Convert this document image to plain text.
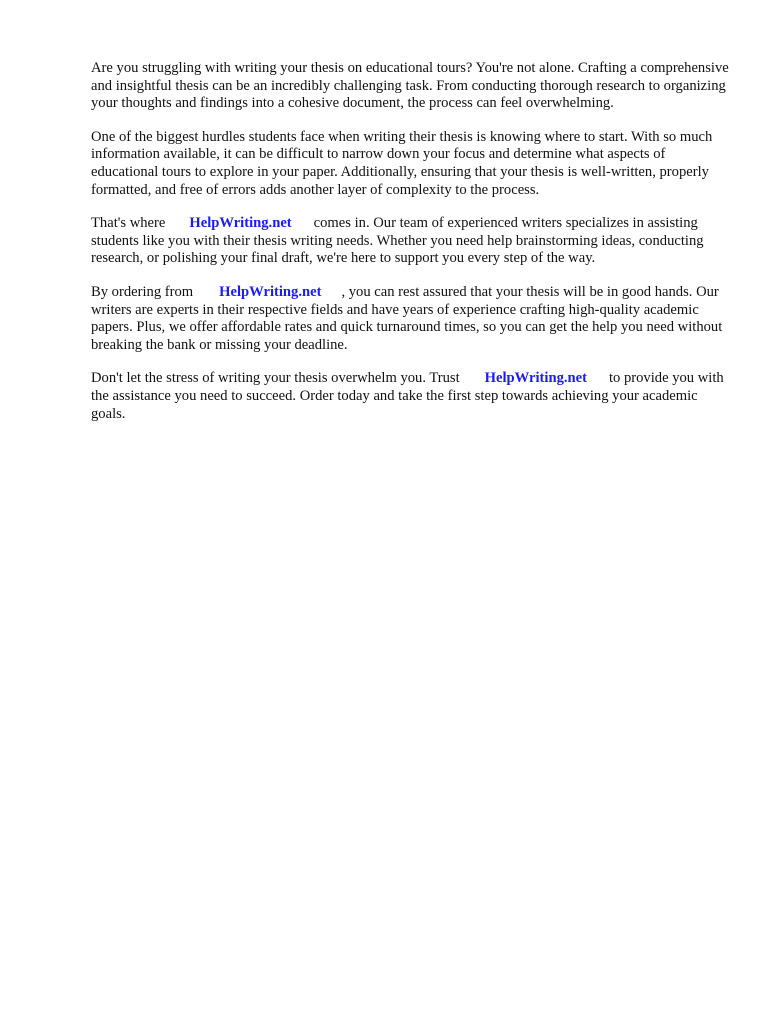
Are you struggling with writing your thesis on educational tours? You're not alone. Crafting a comprehensive and insightful thesis can be an incredibly challenging task. From conducting thorough research to organizing your thoughts and findings into a cohesive document, the process can feel overwhelming.

One of the biggest hurdles students face when writing their thesis is knowing where to start. With so much information available, it can be difficult to narrow down your focus and determine what aspects of educational tours to explore in your paper. Additionally, ensuring that your thesis is well-written, properly formatted, and free of errors adds another layer of complexity to the process.

That's where HelpWriting.net comes in. Our team of experienced writers specializes in assisting students like you with their thesis writing needs. Whether you need help brainstorming ideas, conducting research, or polishing your final draft, we're here to support you every step of the way.

By ordering from HelpWriting.net , you can rest assured that your thesis will be in good hands. Our writers are experts in their respective fields and have years of experience crafting high-quality academic papers. Plus, we offer affordable rates and quick turnaround times, so you can get the help you need without breaking the bank or missing your deadline.

Don't let the stress of writing your thesis overwhelm you. Trust HelpWriting.net to provide you with the assistance you need to succeed. Order today and take the first step towards achieving your academic goals.
